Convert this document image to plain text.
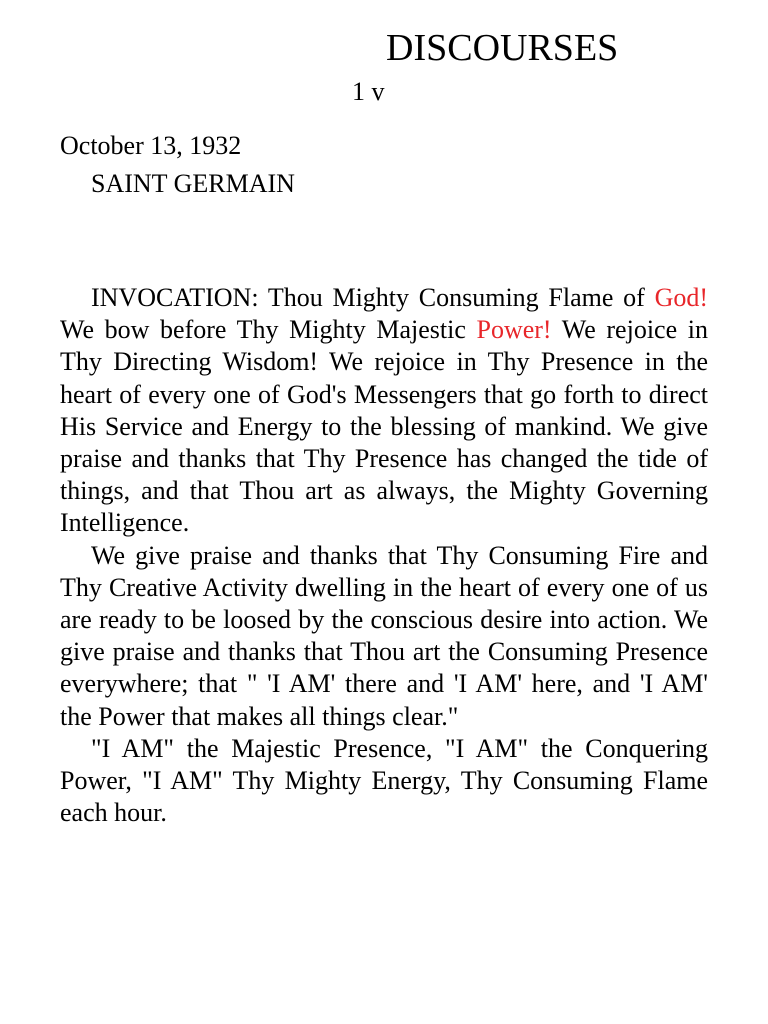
DISCOURSES
1 v
October 13, 1932
SAINT GERMAIN

INVOCATION: Thou Mighty Consuming Flame of God! We bow before Thy Mighty Majestic Power! We rejoice in Thy Directing Wisdom! We rejoice in Thy Presence in the heart of every one of God's Messengers that go forth to direct His Service and Energy to the blessing of mankind. We give praise and thanks that Thy Presence has changed the tide of things, and that Thou art as always, the Mighty Governing Intelligence.

We give praise and thanks that Thy Consuming Fire and Thy Creative Activity dwelling in the heart of every one of us are ready to be loosed by the conscious desire into action. We give praise and thanks that Thou art the Consuming Presence everywhere; that " 'I AM' there and 'I AM' here, and 'I AM' the Power that makes all things clear."

"I AM" the Majestic Presence, "I AM" the Conquering Power, "I AM" Thy Mighty Energy, Thy Consuming Flame each hour.
